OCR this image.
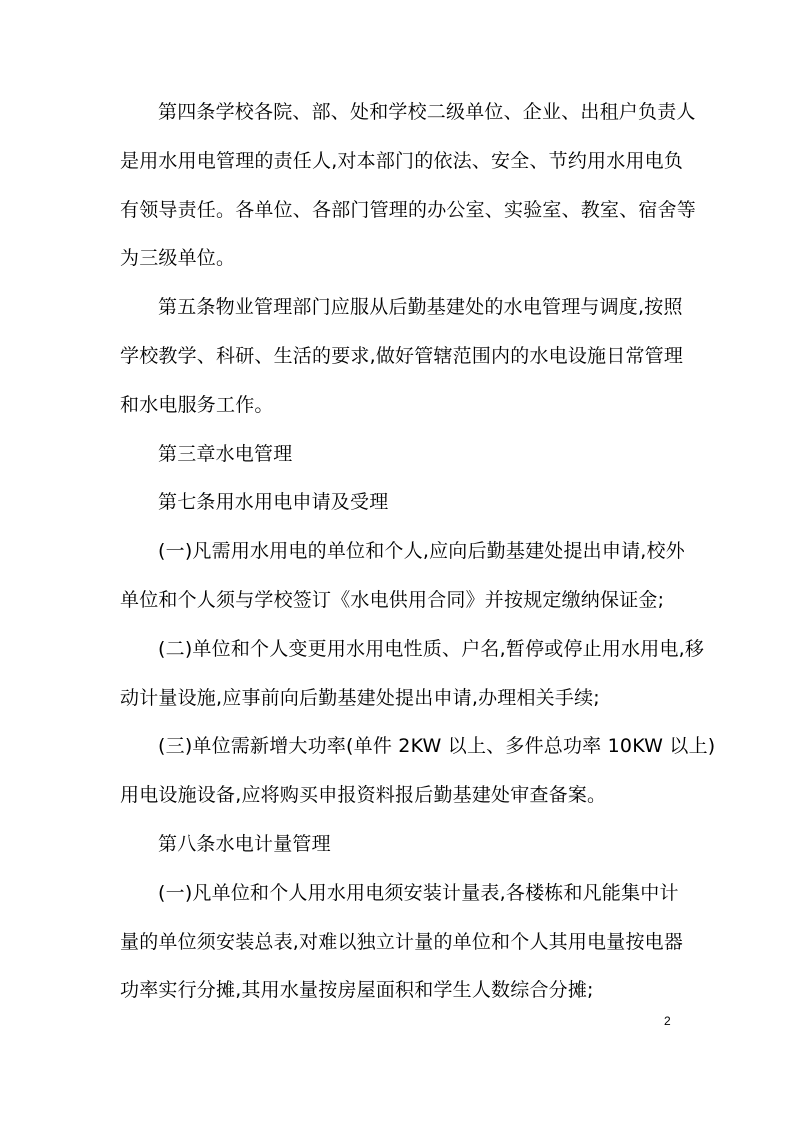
第四条学校各院、部、处和学校二级单位、企业、出租户负责人
是用水用电管理的责任人,对本部门的依法、安全、节约用水用电负
有领导责任。各单位、各部门管理的办公室、实验室、教室、宿舍等
为三级单位。
第五条物业管理部门应服从后勤基建处的水电管理与调度,按照
学校教学、科研、生活的要求,做好管辖范围内的水电设施日常管理
和水电服务工作。
第三章水电管理
第七条用水用电申请及受理
(一)凡需用水用电的单位和个人,应向后勤基建处提出申请,校外
单位和个人须与学校签订《水电供用合同》并按规定缴纳保证金;
(二)单位和个人变更用水用电性质、户名,暂停或停止用水用电,移
动计量设施,应事前向后勤基建处提出申请,办理相关手续;
(三)单位需新增大功率(单件 2KW 以上、多件总功率 10KW 以上)
用电设施设备,应将购买申报资料报后勤基建处审查备案。
第八条水电计量管理
(一)凡单位和个人用水用电须安装计量表,各楼栋和凡能集中计
量的单位须安装总表,对难以独立计量的单位和个人其用电量按电器
功率实行分摊,其用水量按房屋面积和学生人数综合分摊;
2
